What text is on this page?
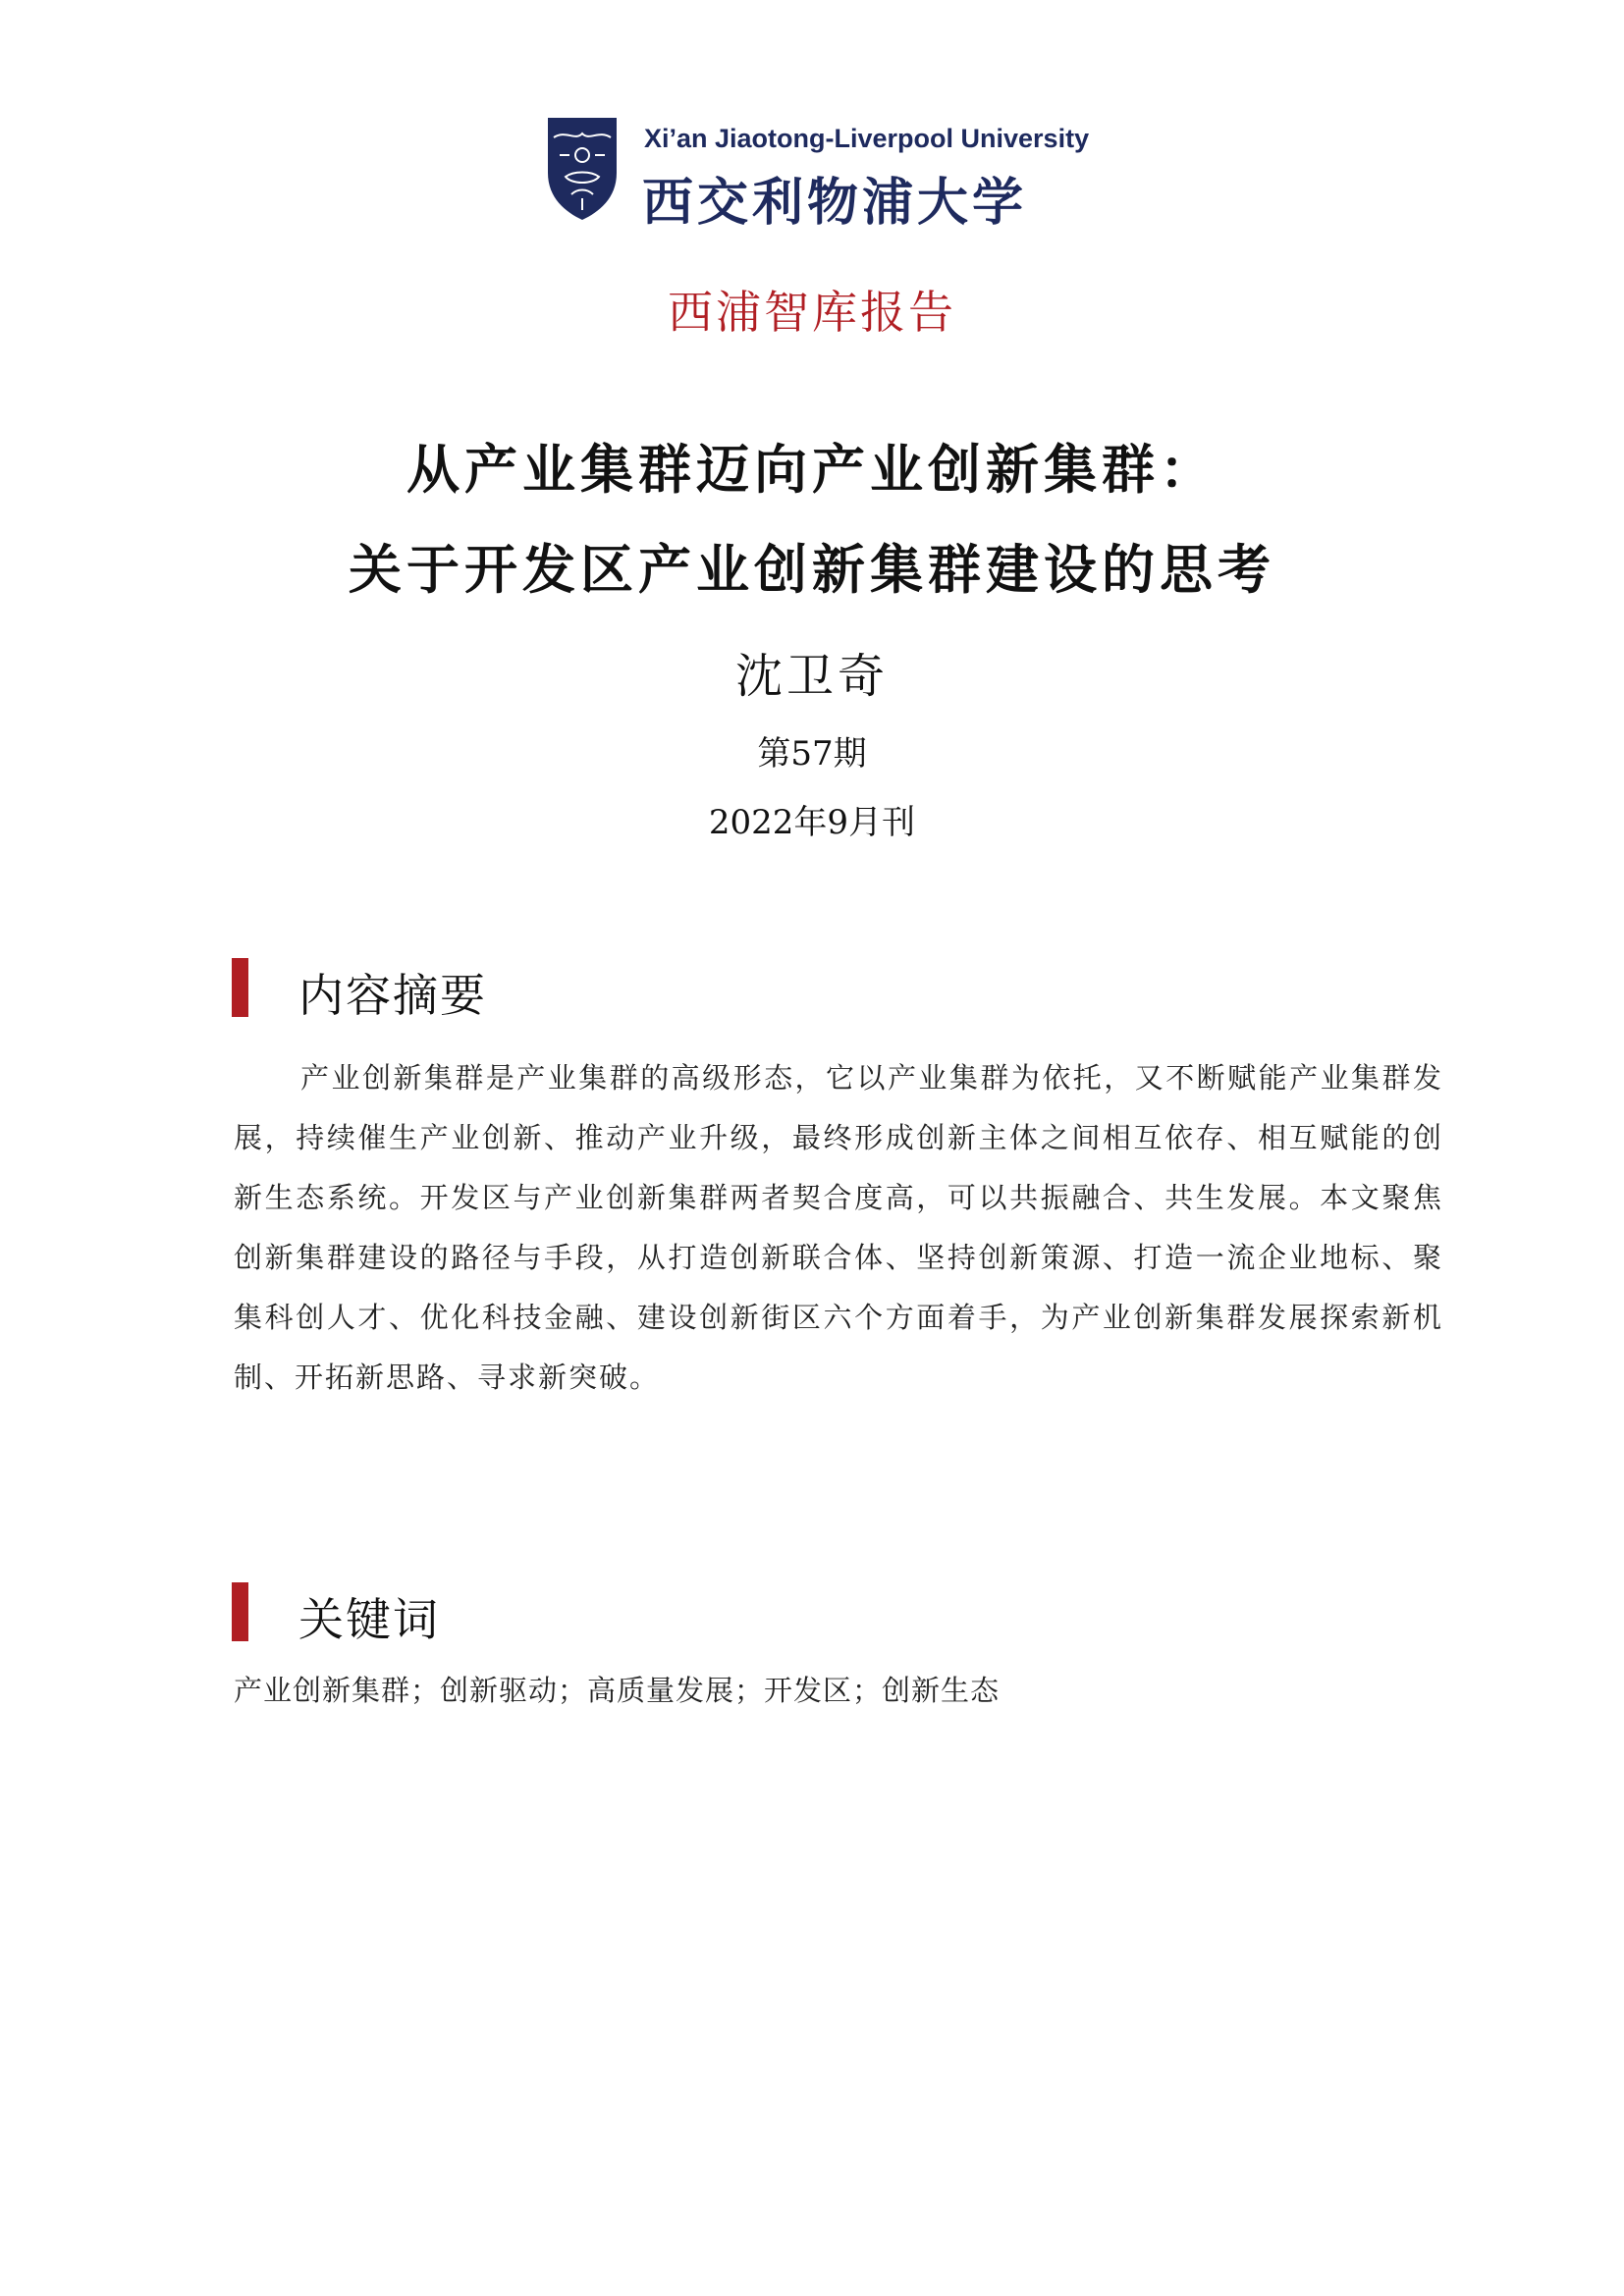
Xi’an Jiaotong-Liverpool University
西交利物浦大学
西浦智库报告
从产业集群迈向产业创新集群：
关于开发区产业创新集群建设的思考
沈卫奇
第57期
2022年9月刊
内容摘要

产业创新集群是产业集群的高级形态，它以产业集群为依托，又不断赋能产业集群发展，持续催生产业创新、推动产业升级，最终形成创新主体之间相互依存、相互赋能的创新生态系统。开发区与产业创新集群两者契合度高，可以共振融合、共生发展。本文聚焦创新集群建设的路径与手段，从打造创新联合体、坚持创新策源、打造一流企业地标、聚集科创人才、优化科技金融、建设创新街区六个方面着手，为产业创新集群发展探索新机制、开拓新思路、寻求新突破。

关键词
产业创新集群；创新驱动；高质量发展；开发区；创新生态
